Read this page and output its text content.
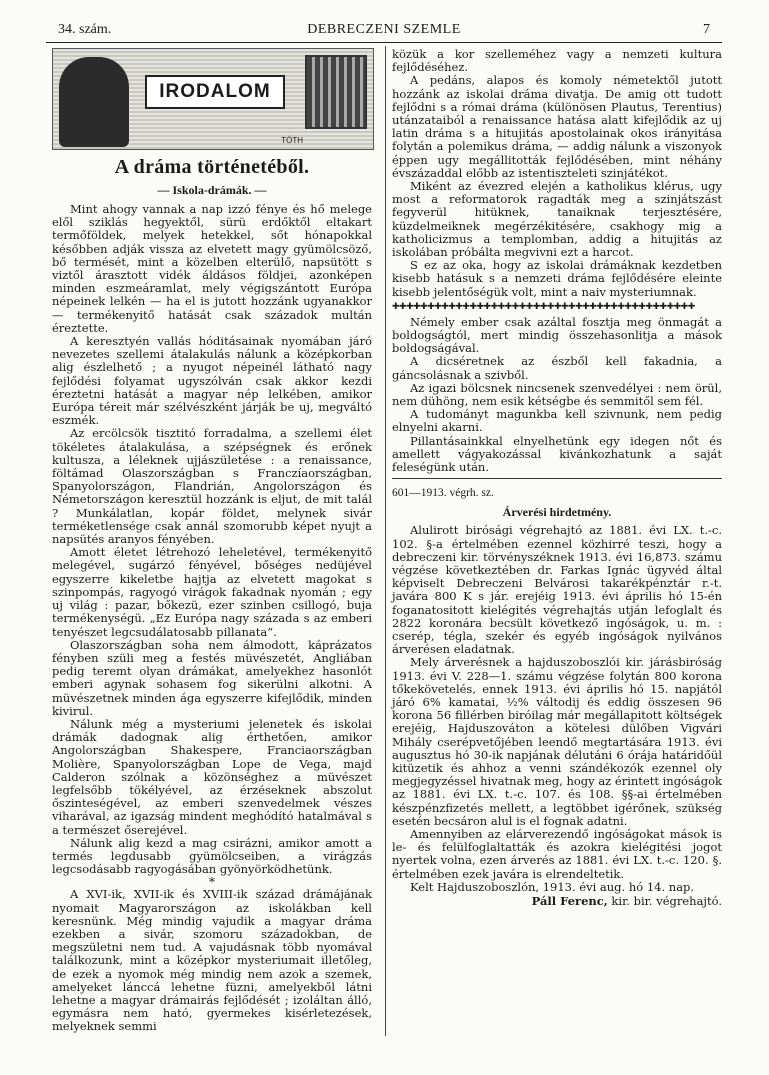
34. szám.	DEBRECZENI SZEMLE	7
IRODALOM
TÓTH
A dráma történetéből.
— Iskola-drámák. —

Mint ahogy vannak a nap izzó fénye és hő melege elől sziklás hegyektől, sürü erdőktől eltakart termőföldek, melyek hetekkel, sőt hónapokkal későbben adják vissza az elvetett magy gyümölcsöző, bő termését, mint a közelben elterülő, napsütött s viztől árasztott vidék áldásos földjei, azonképen minden eszmeáramlat, mely végigszántott Európa népeinek lelkén — ha el is jutott hozzánk ugyanakkor — termékenyitő hatását csak századok multán éreztette.

A keresztyén vallás hóditásainak nyomában járó nevezetes szellemi átalakulás nálunk a középkorban alig észlelhető ; a nyugot népeinél látható nagy fejlődési folyamat ugyszólván csak akkor kezdi éreztetni hatását a magyar nép lelkében, amikor Európa téreit már szélvészként járják be uj, megváltó eszmék.

Az ercölcsök tisztitó forradalma, a szellemi élet tökéletes átalakulása, a szépségnek és erőnek kultusza, a léleknek ujjászületése : a renaissance, föltámad Olaszországban s Franczíaországban, Spanyolországon, Flandrián, Angolországon és Németországon keresztül hozzánk is eljut, de mit talál ? Munkálatlan, kopár földet, melynek sivár terméketlensége csak annál szomorubb képet nyujt a napsütés aranyos fényében.

Amott életet létrehozó leheletével, termékenyitő melegével, sugárzó fényével, bőséges nedüjével egyszerre kikeletbe hajtja az elvetett magokat s szinpompás, ragyogó virágok fakadnak nyomán ; egy uj világ : pazar, bőkezü, ezer szinben csillogó, buja termékenységü. „Ez Európa nagy százada s az emberi tenyészet legcsudálatosabb pillanata“.

Olaszországban soha nem álmodott, káprázatos fényben szüli meg a festés müvészetét, Angliában pedig teremt olyan drámákat, amelyekhez hasonlót emberi agynak sohasem fog sikerülni alkotni. A müvészetnek minden ága egyszerre kifejlődik, minden kivirul.

Nálunk még a mysteriumi jelenetek és iskolai drámák dadognak alig érthetően, amikor Angolországban Shakespere, Franciaországban Molière, Spanyolországban Lope de Vega, majd Calderon szólnak a közönséghez a müvészet legfelsőbb tökélyével, az érzéseknek abszolut őszinteségével, az emberi szenvedelmek vészes viharával, az igazság mindent meghódító hatalmával s a természet őserejével.

Nálunk alig kezd a mag csirázni, amikor amott a termés legdusabb gyümölcseiben, a virágzás legcsodásabb ragyogásában gyönyörködhetünk.

*

A XVI-ik, XVII-ik és XVIII-ik század drámájának nyomait Magyarországon az iskolákban kell keresnünk. Még mindig vajudik a magyar dráma ezekben a sivár, szomoru századokban, de megszületni nem tud. A vajudásnak több nyomával találkozunk, mint a középkor mysteriumait illetőleg, de ezek a nyomok még mindig nem azok a szemek, amelyeket lánccá lehetne füzni, amelyekből látni lehetne a magyar drámairás fejlődését ; izoláltan álló, egymásra nem ható, gyermekes kisérletezések, melyeknek semmi

közük a kor szelleméhez vagy a nemzeti kultura fejlődéséhez.

A pedáns, alapos és komoly németektől jutott hozzánk az iskolai dráma divatja. De amig ott tudott fejlődni s a római dráma (különösen Plautus, Terentius) utánzataiból a renaissance hatása alatt kifejlődik az uj latin dráma s a hitujitás apostolainak okos irányitása folytán a polemikus dráma, — addig nálunk a viszonyok éppen ugy megállitották fejlődésében, mint néhány évszázaddal előbb az istentiszteleti szinjátékot.

Miként az évezred elején a katholikus klérus, ugy most a reformatorok ragadták meg a szinjátszást fegyverül hitüknek, tanaiknak terjesztésére, küzdelmeiknek megérzékitésére, csakhogy mig a katholicizmus a templomban, addig a hitujitás az iskolában próbálta megvivni ezt a harcot.

S ez az oka, hogy az iskolai drámáknak kezdetben kisebb hatásuk s a nemzeti dráma fejlődésére eleinte kisebb jelentőségük volt, mint a naiv mysteriumnak.

✚✚✚✚✚✚✚✚✚✚✚✚✚✚✚✚✚✚✚✚✚✚✚✚✚✚✚✚✚✚✚✚✚✚✚✚✚✚✚✚✚✚✚

Némely ember csak azáltal fosztja meg önmagát a boldogságtól, mert mindig összehasonlitja a mások boldogságával.

A dicséretnek az észből kell fakadnia, a gáncsolásnak a szivből.

Az igazi bölcsnek nincsenek szenvedélyei : nem örül, nem dühöng, nem esik kétségbe és semmitől sem fél.

A tudományt magunkba kell szivnunk, nem pedig elnyelni akarni.

Pillantásainkkal elnyelhetünk egy idegen nőt és amellett vágyakozással kivánkozhatunk a saját feleségünk után.

601—1913. végrh. sz.
Árverési hirdetmény.

Alulirott birósági végrehajtó az 1881. évi LX. t.-c. 102. §-a értelmében ezennel közhirré teszi, hogy a debreczeni kir. törvényszéknek 1913. évi 16,873. számu végzése következtében dr. Farkas Ignác ügyvéd által képviselt Debreczeni Belvárosi takarékpénztár r.-t. javára 800 K s jár. erejéig 1913. évi április hó 15-én foganatositott kielégités végrehajtás utján lefoglalt és 2822 koronára becsült következő ingóságok, u. m. : cserép, tégla, szekér és egyéb ingóságok nyilvános árverésen eladatnak.

Mely árverésnek a hajduszoboszlói kir. járásbiróság 1913. évi V. 228—1. számu végzése folytán 800 korona tőkekövetelés, ennek 1913. évi április hó 15. napjától járó 6% kamatai, ½% váltodij és eddig összesen 96 korona 56 fillérben biróilag már megállapitott költségek erejéig, Hajduszováton a kötelesi dülőben Vigvári Mihály cserépvetőjében leendő megtartására 1913. évi augusztus hó 30-ik napjának délutáni 6 órája határidőül kitüzetik és ahhoz a venni szándékozók ezennel oly megjegyzéssel hivatnak meg, hogy az érintett ingóságok az 1881. évi LX. t.-c. 107. és 108. §§-ai értelmében készpénzfizetés mellett, a legtöbbet igérőnek, szükség esetén becsáron alul is el fognak adatni.

Amennyiben az elárverezendő ingóságokat mások is le- és felülfoglaltatták és azokra kielégitési jogot nyertek volna, ezen árverés az 1881. évi LX. t.-c. 120. §. értelmében ezek javára is elrendeltetik.

Kelt Hajduszoboszlón, 1913. évi aug. hó 14. nap.

Páll Ferenc, kir. bir. végrehajtó.
